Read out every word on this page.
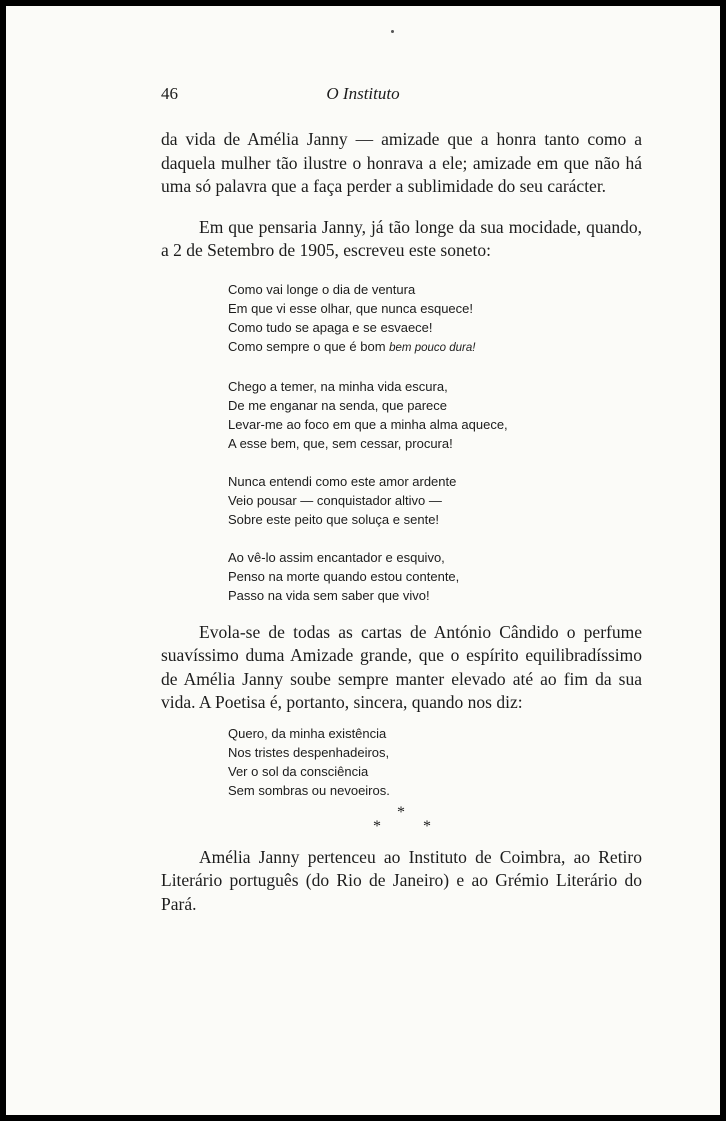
46	O Instituto

da vida de Amélia Janny — amizade que a honra tanto como a daquela mulher tão ilustre o honrava a ele; amizade em que não há uma só palavra que a faça perder a sublimidade do seu carácter.

Em que pensaria Janny, já tão longe da sua mocidade, quando, a 2 de Setembro de 1905, escreveu este soneto:

Como vai longe o dia de ventura
Em que vi esse olhar, que nunca esquece!
Como tudo se apaga e se esvaece!
Como sempre o que é bom bem pouco dura!
Chego a temer, na minha vida escura,
De me enganar na senda, que parece
Levar-me ao foco em que a minha alma aquece,
A esse bem, que, sem cessar, procura!
Nunca entendi como este amor ardente
Veio pousar — conquistador altivo —
Sobre este peito que soluça e sente!
Ao vê-lo assim encantador e esquivo,
Penso na morte quando estou contente,
Passo na vida sem saber que vivo!

Evola-se de todas as cartas de António Cândido o perfume suavíssimo duma Amizade grande, que o espírito equilibradíssimo de Amélia Janny soube sempre manter elevado até ao fim da sua vida. A Poetisa é, portanto, sincera, quando nos diz:

Quero, da minha existência
Nos tristes despenhadeiros,
Ver o sol da consciência
Sem sombras ou nevoeiros.
*
*	*

Amélia Janny pertenceu ao Instituto de Coimbra, ao Retiro Literário português (do Rio de Janeiro) e ao Grémio Literário do Pará.
